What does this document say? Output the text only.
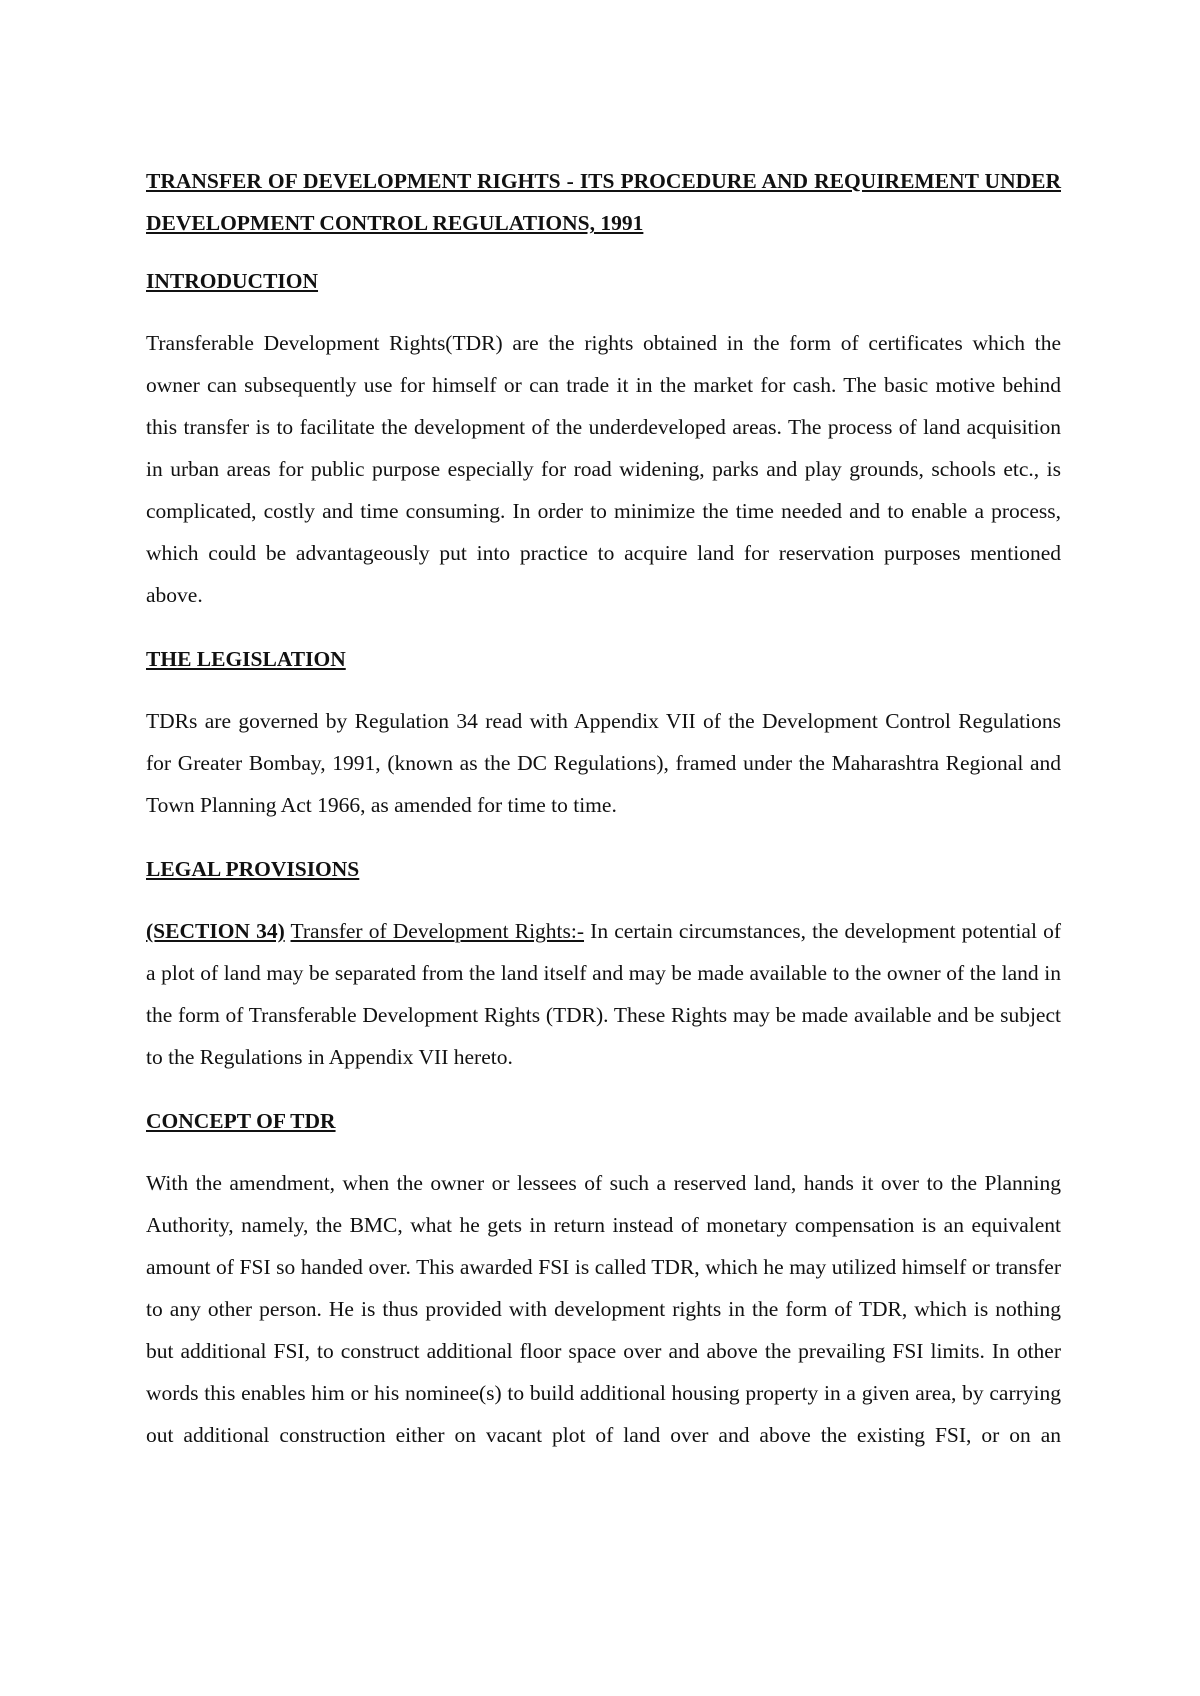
TRANSFER OF DEVELOPMENT RIGHTS - ITS PROCEDURE AND REQUIREMENT UNDER DEVELOPMENT CONTROL REGULATIONS, 1991
INTRODUCTION
Transferable Development Rights(TDR) are the rights obtained in the form of certificates which the owner can subsequently use for himself or can trade it in the market for cash. The basic motive behind this transfer is to facilitate the development of the underdeveloped areas. The process of land acquisition in urban areas for public purpose especially for road widening, parks and play grounds, schools etc., is complicated, costly and time consuming. In order to minimize the time needed and to enable a process, which could be advantageously put into practice to acquire land for reservation purposes mentioned above.
THE LEGISLATION
TDRs are governed by Regulation 34 read with Appendix VII of the Development Control Regulations for Greater Bombay, 1991, (known as the DC Regulations), framed under the Maharashtra Regional and Town Planning Act 1966, as amended for time to time.
LEGAL PROVISIONS
(SECTION 34) Transfer of Development Rights:- In certain circumstances, the development potential of a plot of land may be separated from the land itself and may be made available to the owner of the land in the form of Transferable Development Rights (TDR). These Rights may be made available and be subject to the Regulations in Appendix VII hereto.
CONCEPT OF TDR
With the amendment, when the owner or lessees of such a reserved land, hands it over to the Planning Authority, namely, the BMC, what he gets in return instead of monetary compensation is an equivalent amount of FSI so handed over. This awarded FSI is called TDR, which he may utilized himself or transfer to any other person. He is thus provided with development rights in the form of TDR, which is nothing but additional FSI, to construct additional floor space over and above the prevailing FSI limits. In other words this enables him or his nominee(s) to build additional housing property in a given area, by carrying out additional construction either on vacant plot of land over and above the existing FSI, or on an
